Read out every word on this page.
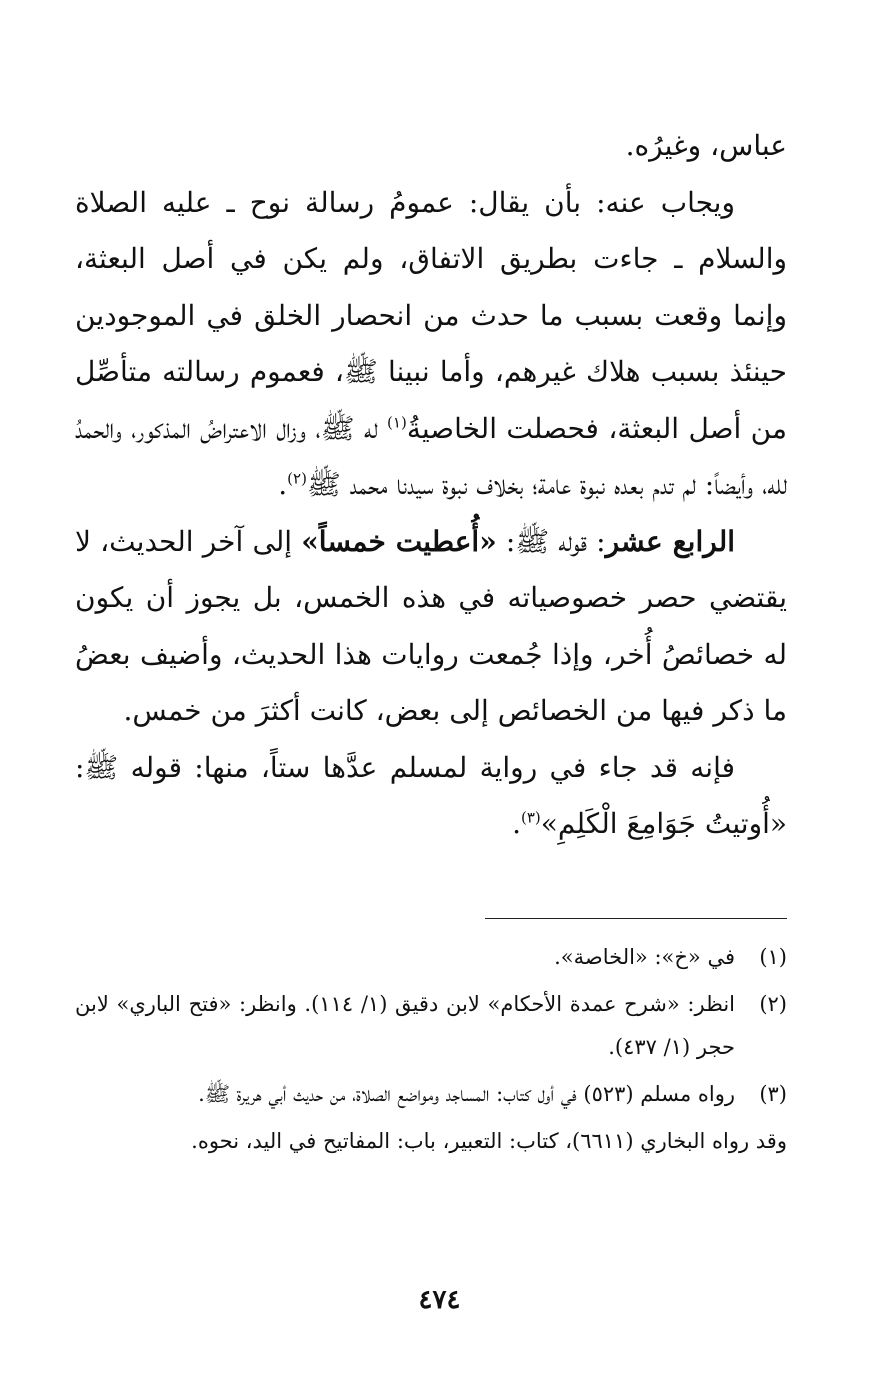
عباس، وغيرُه.

ويجاب عنه: بأن يقال: عمومُ رسالة نوح ـ عليه الصلاة والسلام ـ جاءت بطريق الاتفاق، ولم يكن في أصل البعثة، وإنما وقعت بسبب ما حدث من انحصار الخلق في الموجودين حينئذ بسبب هلاك غيرهم، وأما نبينا ﷺ، فعموم رسالته متأصِّل من أصل البعثة، فحصلت الخاصيةُ$^{(١)}$ له ﷺ، وزال الاعتراضُ المذكور، والحمدُ لله، وأيضاً: لم تدم بعده نبوة عامة؛ بخلاف نبوة سيدنا محمد ﷺ$^{(٢)}$.

الرابع عشر: قوله ﷺ: «أُعطيت خمساً» إلى آخر الحديث، لا يقتضي حصر خصوصياته في هذه الخمس، بل يجوز أن يكون له خصائصُ أُخر، وإذا جُمعت روايات هذا الحديث، وأضيف بعضُ ما ذكر فيها من الخصائص إلى بعض، كانت أكثرَ من خمس.

فإنه قد جاء في رواية لمسلم عدَّها ستاً، منها: قوله ﷺ: «أُوتيتُ جَوَامِعَ الْكَلِمِ»$^{(٣)}$.

(١)
في «خ»: «الخاصة».
(٢)
انظر: «شرح عمدة الأحكام» لابن دقيق (١/ ١١٤). وانظر: «فتح الباري» لابن حجر (١/ ٤٣٧).
(٣)
رواه مسلم (٥٢٣) في أول كتاب: المساجد ومواضع الصلاة، من حديث أبي هريرة ﷺ.

وقد رواه البخاري (٦٦١١)، كتاب: التعبير، باب: المفاتيح في اليد، نحوه.

٤٧٤
